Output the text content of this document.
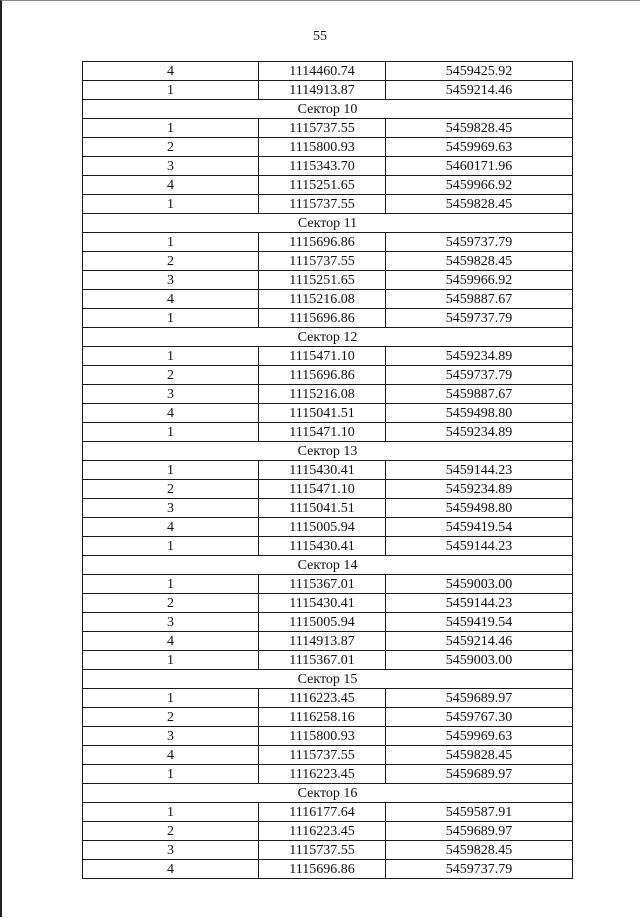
55
4	1114460.74	5459425.92
1	1114913.87	5459214.46
Сектор 10		
1	1115737.55	5459828.45
2	1115800.93	5459969.63
3	1115343.70	5460171.96
4	1115251.65	5459966.92
1	1115737.55	5459828.45
Сектор 11		
1	1115696.86	5459737.79
2	1115737.55	5459828.45
3	1115251.65	5459966.92
4	1115216.08	5459887.67
1	1115696.86	5459737.79
Сектор 12		
1	1115471.10	5459234.89
2	1115696.86	5459737.79
3	1115216.08	5459887.67
4	1115041.51	5459498.80
1	1115471.10	5459234.89
Сектор 13		
1	1115430.41	5459144.23
2	1115471.10	5459234.89
3	1115041.51	5459498.80
4	1115005.94	5459419.54
1	1115430.41	5459144.23
Сектор 14		
1	1115367.01	5459003.00
2	1115430.41	5459144.23
3	1115005.94	5459419.54
4	1114913.87	5459214.46
1	1115367.01	5459003.00
Сектор 15		
1	1116223.45	5459689.97
2	1116258.16	5459767.30
3	1115800.93	5459969.63
4	1115737.55	5459828.45
1	1116223.45	5459689.97
Сектор 16		
1	1116177.64	5459587.91
2	1116223.45	5459689.97
3	1115737.55	5459828.45
4	1115696.86	5459737.79
